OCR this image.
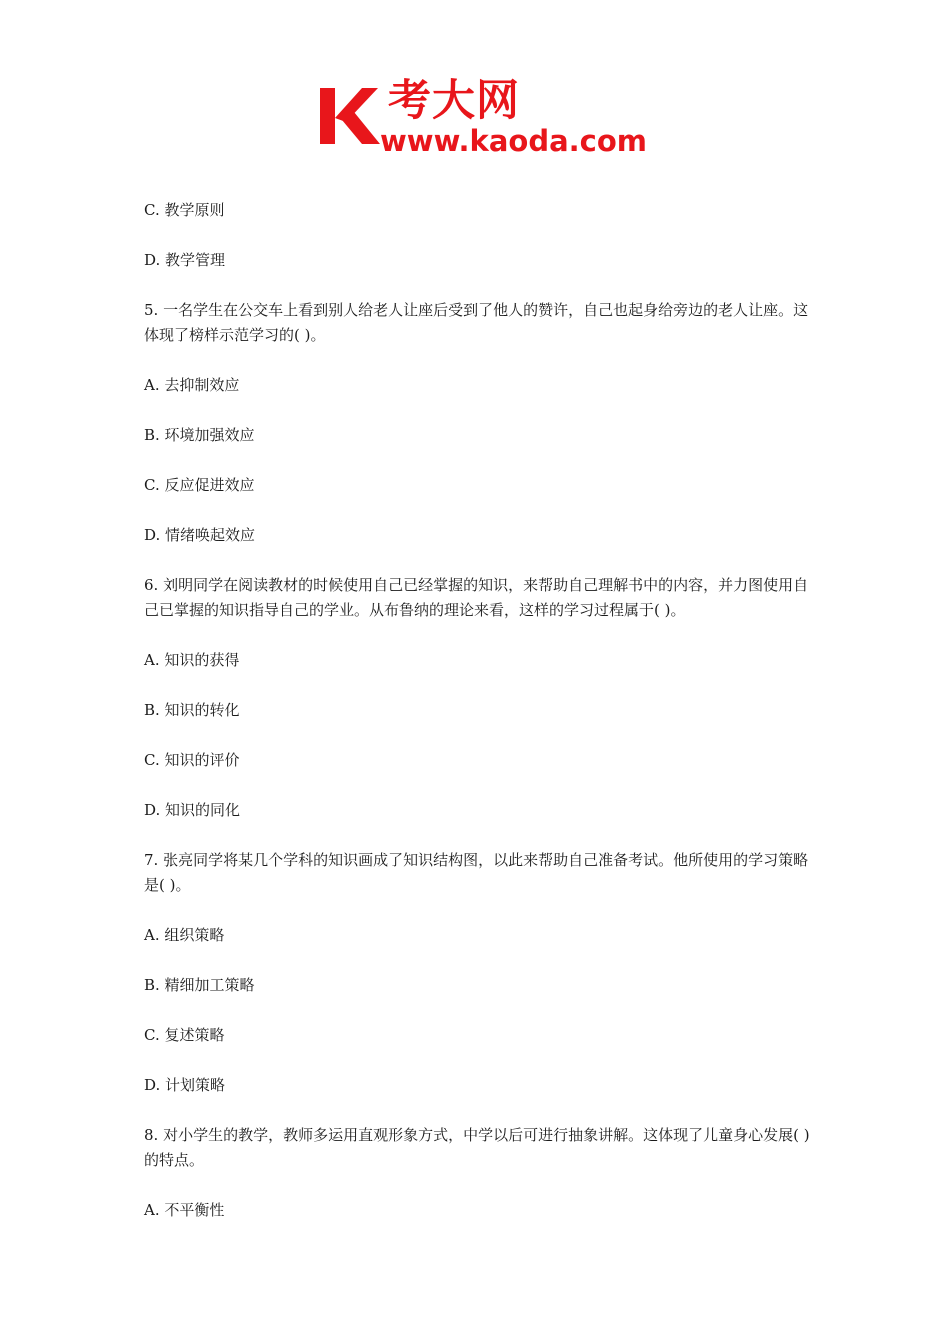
考大网
www.kaoda.com

C. 教学原则

D. 教学管理

5. 一名学生在公交车上看到别人给老人让座后受到了他人的赞许，自己也起身给旁边的老人让座。这体现了榜样示范学习的( )。

A. 去抑制效应

B. 环境加强效应

C. 反应促进效应

D. 情绪唤起效应

6. 刘明同学在阅读教材的时候使用自己已经掌握的知识，来帮助自己理解书中的内容，并力图使用自己已掌握的知识指导自己的学业。从布鲁纳的理论来看，这样的学习过程属于( )。

A. 知识的获得

B. 知识的转化

C. 知识的评价

D. 知识的同化

7. 张亮同学将某几个学科的知识画成了知识结构图，以此来帮助自己准备考试。他所使用的学习策略是( )。

A. 组织策略

B. 精细加工策略

C. 复述策略

D. 计划策略

8. 对小学生的教学，教师多运用直观形象方式，中学以后可进行抽象讲解。这体现了儿童身心发展( )的特点。

A. 不平衡性
